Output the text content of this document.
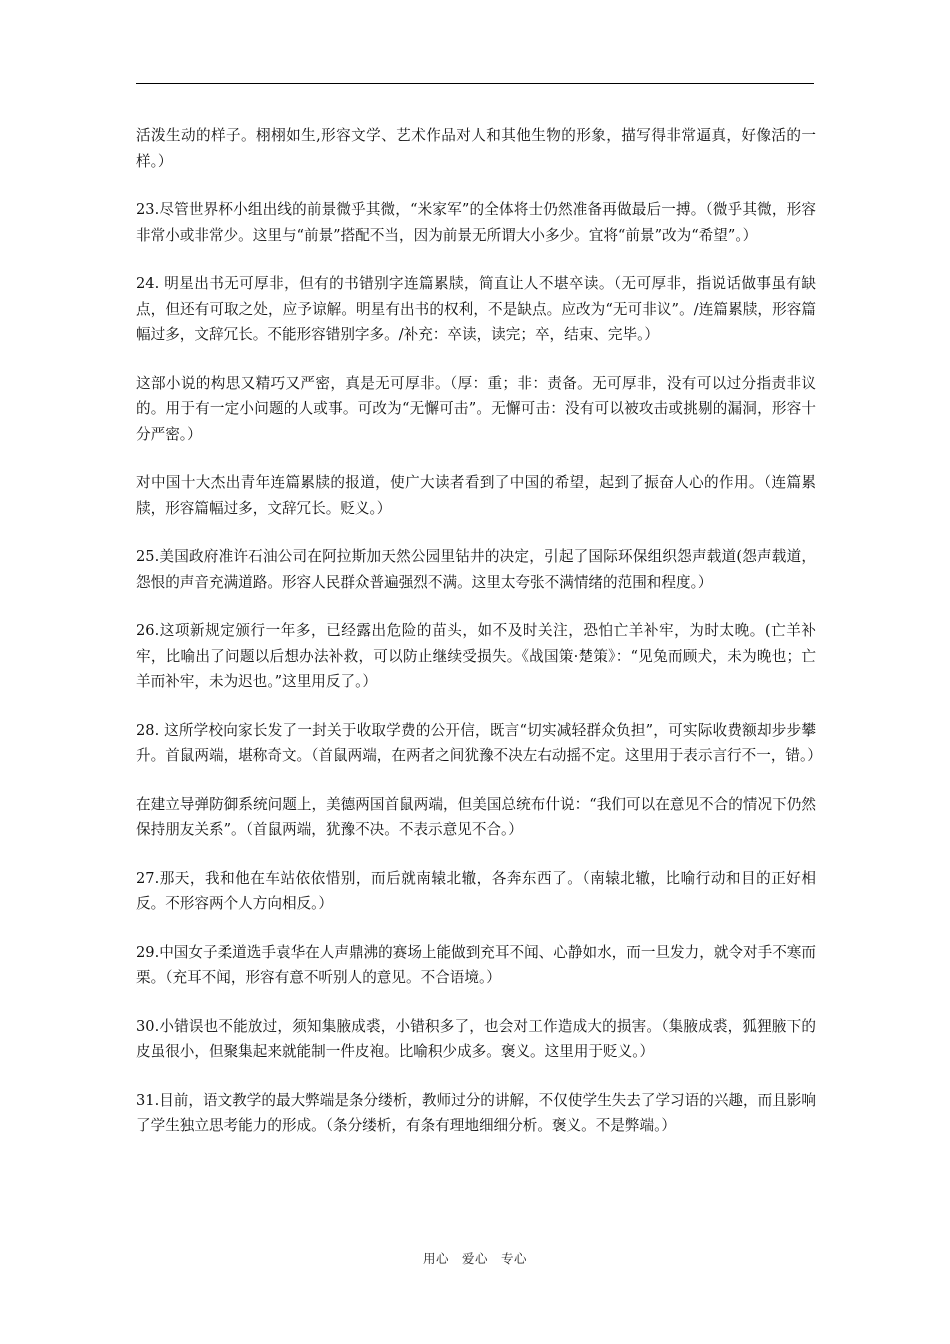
活泼生动的样子。栩栩如生,形容文学、艺术作品对人和其他生物的形象，描写得非常逼真，好像活的一样。）

23.尽管世界杯小组出线的前景微乎其微，“米家军”的全体将士仍然准备再做最后一搏。（微乎其微，形容非常小或非常少。这里与“前景”搭配不当，因为前景无所谓大小多少。宜将“前景”改为“希望”。）

24. 明星出书无可厚非，但有的书错别字连篇累牍，简直让人不堪卒读。（无可厚非，指说话做事虽有缺点，但还有可取之处，应予谅解。明星有出书的权利，不是缺点。应改为“无可非议”。/连篇累牍，形容篇幅过多，文辞冗长。不能形容错别字多。/补充：卒读，读完；卒，结束、完毕。）

这部小说的构思又精巧又严密，真是无可厚非。（厚：重；非：责备。无可厚非，没有可以过分指责非议的。用于有一定小问题的人或事。可改为“无懈可击”。无懈可击：没有可以被攻击或挑剔的漏洞，形容十分严密。）

对中国十大杰出青年连篇累牍的报道，使广大读者看到了中国的希望，起到了振奋人心的作用。（连篇累牍，形容篇幅过多，文辞冗长。贬义。）

25.美国政府准许石油公司在阿拉斯加天然公园里钻井的决定，引起了国际环保组织怨声载道(怨声载道，怨恨的声音充满道路。形容人民群众普遍强烈不满。这里太夸张不满情绪的范围和程度。）

26.这项新规定颁行一年多，已经露出危险的苗头，如不及时关注，恐怕亡羊补牢，为时太晚。(亡羊补牢，比喻出了问题以后想办法补救，可以防止继续受损失。《战国策·楚策》：“见兔而顾犬，未为晚也；亡羊而补牢，未为迟也。”这里用反了。）

28. 这所学校向家长发了一封关于收取学费的公开信，既言“切实减轻群众负担”，可实际收费额却步步攀升。首鼠两端，堪称奇文。（首鼠两端，在两者之间犹豫不决左右动摇不定。这里用于表示言行不一，错。）

在建立导弹防御系统问题上，美德两国首鼠两端，但美国总统布什说：“我们可以在意见不合的情况下仍然保持朋友关系”。（首鼠两端，犹豫不决。不表示意见不合。）

27.那天，我和他在车站依依惜别，而后就南辕北辙，各奔东西了。（南辕北辙，比喻行动和目的正好相反。不形容两个人方向相反。）

29.中国女子柔道选手袁华在人声鼎沸的赛场上能做到充耳不闻、心静如水，而一旦发力，就令对手不寒而栗。（充耳不闻，形容有意不听别人的意见。不合语境。）

30.小错误也不能放过，须知集腋成裘，小错积多了，也会对工作造成大的损害。（集腋成裘，狐狸腋下的皮虽很小，但聚集起来就能制一件皮袍。比喻积少成多。褒义。这里用于贬义。）

31.目前，语文教学的最大弊端是条分缕析，教师过分的讲解，不仅使学生失去了学习语的兴趣，而且影响了学生独立思考能力的形成。（条分缕析，有条有理地细细分析。褒义。不是弊端。）

用心　爱心　专心
